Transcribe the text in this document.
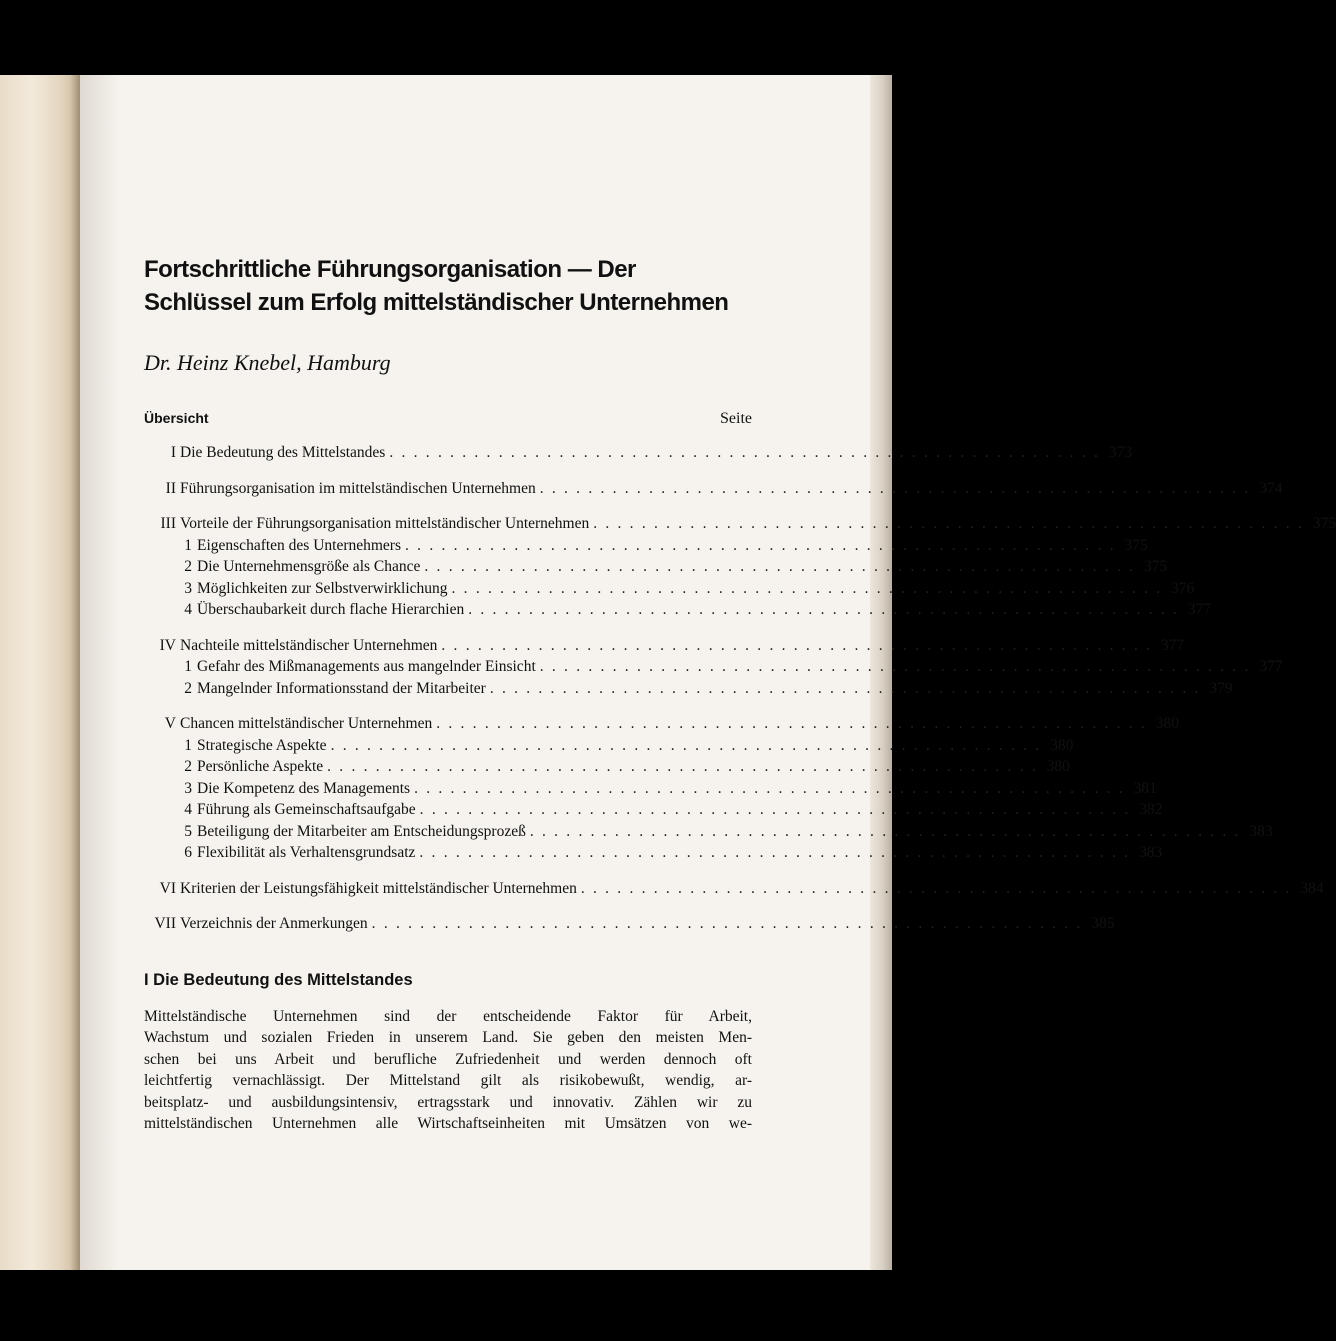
Fortschrittliche Führungsorganisation — Der
Schlüssel zum Erfolg mittelständischer Unternehmen
Dr. Heinz Knebel, Hamburg
Übersicht	Seite
I Die Bedeutung des Mittelstandes . . . . . . . . . . . . . . . . . . . . . . . . . . . . . . . . . . . . . . . . . . . . . . . . . . . . . . . . . . . 373
II Führungsorganisation im mittelständischen Unternehmen . . . . . . . . . . . . . . . . . . . . . . . . . . . . . . . . . . . . . . . . . . . . . . . . . . . . . . . . . . . 374
III Vorteile der Führungsorganisation mittelständischer Unternehmen . . . . . . . . . . . . . . . . . . . . . . . . . . . . . . . . . . . . . . . . . . . . . . . . . . . . . . . . . . . 375
1 Eigenschaften des Unternehmers . . . . . . . . . . . . . . . . . . . . . . . . . . . . . . . . . . . . . . . . . . . . . . . . . . . . . . . . . . . 375
2 Die Unternehmensgröße als Chance . . . . . . . . . . . . . . . . . . . . . . . . . . . . . . . . . . . . . . . . . . . . . . . . . . . . . . . . . . . 375
3 Möglichkeiten zur Selbstverwirklichung . . . . . . . . . . . . . . . . . . . . . . . . . . . . . . . . . . . . . . . . . . . . . . . . . . . . . . . . . . . 376
4 Überschaubarkeit durch flache Hierarchien . . . . . . . . . . . . . . . . . . . . . . . . . . . . . . . . . . . . . . . . . . . . . . . . . . . . . . . . . . . 377
IV Nachteile mittelständischer Unternehmen . . . . . . . . . . . . . . . . . . . . . . . . . . . . . . . . . . . . . . . . . . . . . . . . . . . . . . . . . . . 377
1 Gefahr des Mißmanagements aus mangelnder Einsicht . . . . . . . . . . . . . . . . . . . . . . . . . . . . . . . . . . . . . . . . . . . . . . . . . . . . . . . . . . . 377
2 Mangelnder Informationsstand der Mitarbeiter . . . . . . . . . . . . . . . . . . . . . . . . . . . . . . . . . . . . . . . . . . . . . . . . . . . . . . . . . . . 379
V Chancen mittelständischer Unternehmen . . . . . . . . . . . . . . . . . . . . . . . . . . . . . . . . . . . . . . . . . . . . . . . . . . . . . . . . . . . 380
1 Strategische Aspekte . . . . . . . . . . . . . . . . . . . . . . . . . . . . . . . . . . . . . . . . . . . . . . . . . . . . . . . . . . . 380
2 Persönliche Aspekte . . . . . . . . . . . . . . . . . . . . . . . . . . . . . . . . . . . . . . . . . . . . . . . . . . . . . . . . . . . 380
3 Die Kompetenz des Managements . . . . . . . . . . . . . . . . . . . . . . . . . . . . . . . . . . . . . . . . . . . . . . . . . . . . . . . . . . . 381
4 Führung als Gemeinschaftsaufgabe . . . . . . . . . . . . . . . . . . . . . . . . . . . . . . . . . . . . . . . . . . . . . . . . . . . . . . . . . . . 382
5 Beteiligung der Mitarbeiter am Entscheidungsprozeß . . . . . . . . . . . . . . . . . . . . . . . . . . . . . . . . . . . . . . . . . . . . . . . . . . . . . . . . . . . 383
6 Flexibilität als Verhaltensgrundsatz . . . . . . . . . . . . . . . . . . . . . . . . . . . . . . . . . . . . . . . . . . . . . . . . . . . . . . . . . . . 383
VI Kriterien der Leistungsfähigkeit mittelständischer Unternehmen . . . . . . . . . . . . . . . . . . . . . . . . . . . . . . . . . . . . . . . . . . . . . . . . . . . . . . . . . . . 384
VII Verzeichnis der Anmerkungen . . . . . . . . . . . . . . . . . . . . . . . . . . . . . . . . . . . . . . . . . . . . . . . . . . . . . . . . . . . 385
I Die Bedeutung des Mittelstandes
Mittelständische Unternehmen sind der entscheidende Faktor für Arbeit,
Wachstum und sozialen Frieden in unserem Land. Sie geben den meisten Men-
schen bei uns Arbeit und berufliche Zufriedenheit und werden dennoch oft
leichtfertig vernachlässigt. Der Mittelstand gilt als risikobewußt, wendig, ar-
beitsplatz- und ausbildungsintensiv, ertragsstark und innovativ. Zählen wir zu
mittelständischen Unternehmen alle Wirtschaftseinheiten mit Umsätzen von we-
